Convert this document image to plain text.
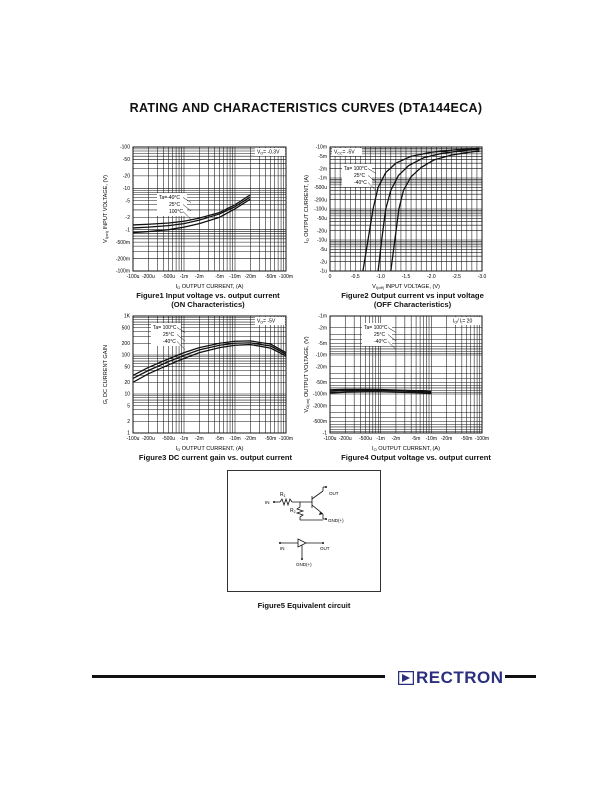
RATING AND CHARACTERISTICS CURVES (DTA144ECA)
-100u -200u -500u -1m -2m -5m -10m -20m -50m -100m
-100
-50
-20
-10
-5
-2
-1
-500m
-200m
-100m
$I_O$ OUTPUT CURRENT, (A)
$V_{I(on)}$ INPUT VOLTAGE, (V)
$V_O= -0.3V$
Ta=-40°C
25°C
100°C
Figure1 Input voltage vs. output current
(ON Characteristics)
0	-0.5	-1.0	-1.5	-2.0	-2.5	-3.0
-10m
-5m
-2m
-1m
-500u
-200u
-100u
-50u
-20u
-10u
-5u
-2u
-1u
$V_{I(off)}$ INPUT VOLTAGE, (V)
$I_O$ OUTPUT CURRENT, (A)
$V_{CC}= -5V$
Ta= 100°C
25°C
-40°C
Figure2 Output current vs input voltage
(OFF Characteristics)
-100u -200u -500u -1m -2m -5m -10m -20m -50m -100m
1K
500
200
100
50
20
10
5
2
1
$I_O$ OUTPUT CURRENT, (A)
$G_I$ DC CURRENT GAIN
$V_O= -5V$
Ta= 100°C
25°C
-40°C
Figure3 DC current gain vs. output current
-100u -200u -500u -1m -2m -5m -10m -20m -50m -100m
-1
-500m
-200m
-100m
-50m
-20m
-10m
-5m
-2m
-1m
$I_O$ OUTPUT CURRENT, (A)
$V_{O(on)}$ OUTPUT VOLTAGE, (V)
$I_O/$ $I_I= 20$
Ta= 100°C
25°C
-40°C
Figure4 Output voltage vs. output current
$R_1$
$R_2$
IN
OUT
GND(+)
IN	OUT
GND(+)
Figure5 Equivalent circuit
RECTRON
